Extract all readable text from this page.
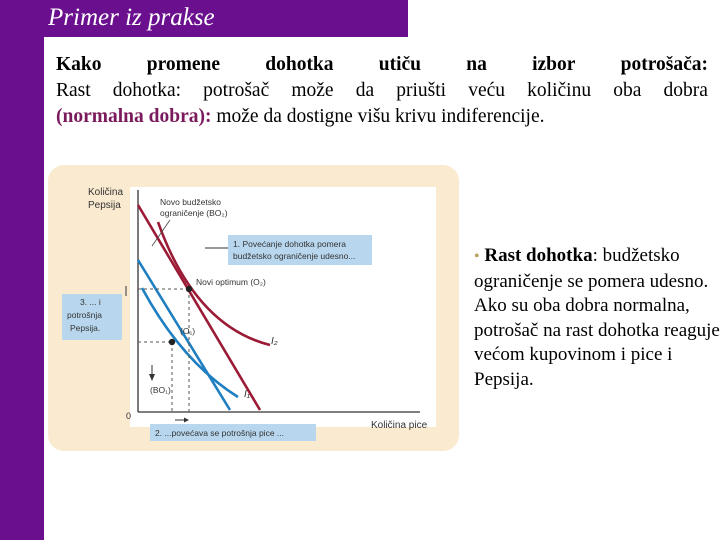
Primer iz prakse
Kako promene dohotka utiču na izbor potrošača:
Rast dohotka: potrošač može da priušti veću količinu oba dobra
(normalna dobra): može da dostigne višu krivu indiferencije.
Količina
Pepsija
Količina pice
0
Novo budžetsko
ograničenje (BO₂)
1. Povećanje dohotka pomera
budžetsko ograničenje udesno...
Novi optimum (O₂)
(O₁)
(BO₁)
I₂
I₁
3. ... i
potrošnja
Pepsija.
2. ...povećava se potrošnja pice ...
• Rast dohotka: budžetsko ograničenje se pomera udesno. Ako su oba dobra normalna, potrošač na rast dohotka reaguje većom kupovinom i pice i Pepsija.
